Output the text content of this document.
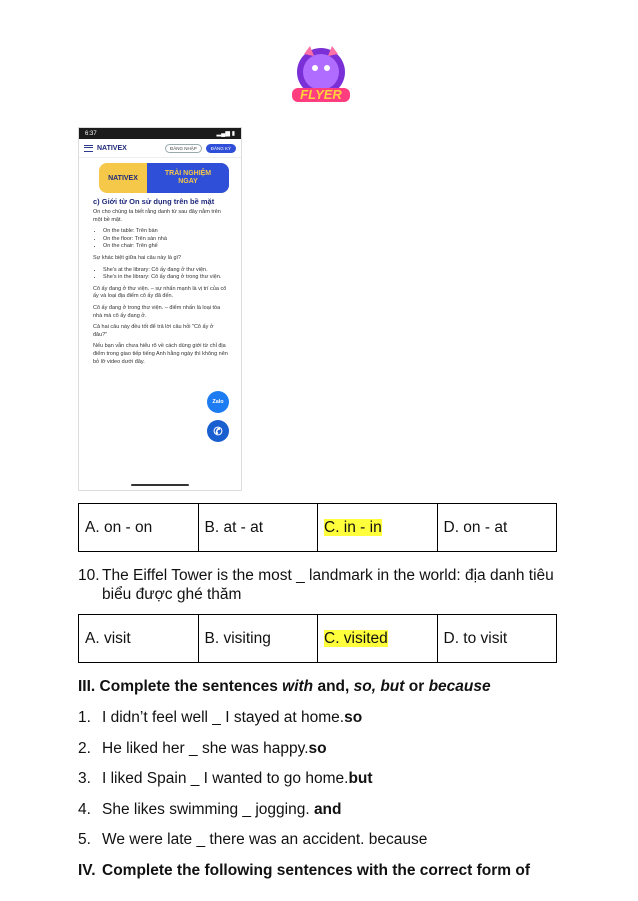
FLYER
6:37	▂▄▆ ▮
NATIVEX	ĐĂNG NHẬP	ĐĂNG KÝ
NATIVEX
TRẢI NGHIỆM
NGAY
c) Giới từ On sử dụng trên bề mặt

On cho chúng ta biết rằng danh từ sau đây nằm trên một bề mặt.

• On the table: Trên bàn
• On the floor: Trên sàn nhà
• On the chair: Trên ghế

Sự khác biệt giữa hai câu này là gì?

• She's at the library: Cô ấy đang ở thư viện.
• She's in the library: Cô ấy đang ở trong thư viện.

Cô ấy đang ở thư viện. – sự nhấn mạnh là vị trí của cô ấy và loại địa điểm cô ấy đã đến.

Cô ấy đang ở trong thư viện. – điểm nhấn là loại tòa nhà mà cô ấy đang ở.

Cả hai câu này đều tốt để trả lời câu hỏi "Cô ấy ở đâu?"

Nếu bạn vẫn chưa hiểu rõ về cách dùng giới từ chỉ địa điểm trong giao tiếp tiếng Anh hằng ngày thì không nên bỏ lỡ video dưới đây.

Zalo
✆
A. on - on	B. at - at	C. in - in	D. on - at
10. The Eiffel Tower is the most _ landmark in the world: địa danh tiêu
biểu được ghé thăm
A. visit	B. visiting	C. visited	D. to visit
III. Complete the sentences with and, so, but or because
1. I didn’t feel well _ I stayed at home.so
2. He liked her _ she was happy.so
3. I liked Spain _ I wanted to go home.but
4. She likes swimming _ jogging. and
5. We were late _ there was an accident. because
IV. Complete the following sentences with the correct form of
